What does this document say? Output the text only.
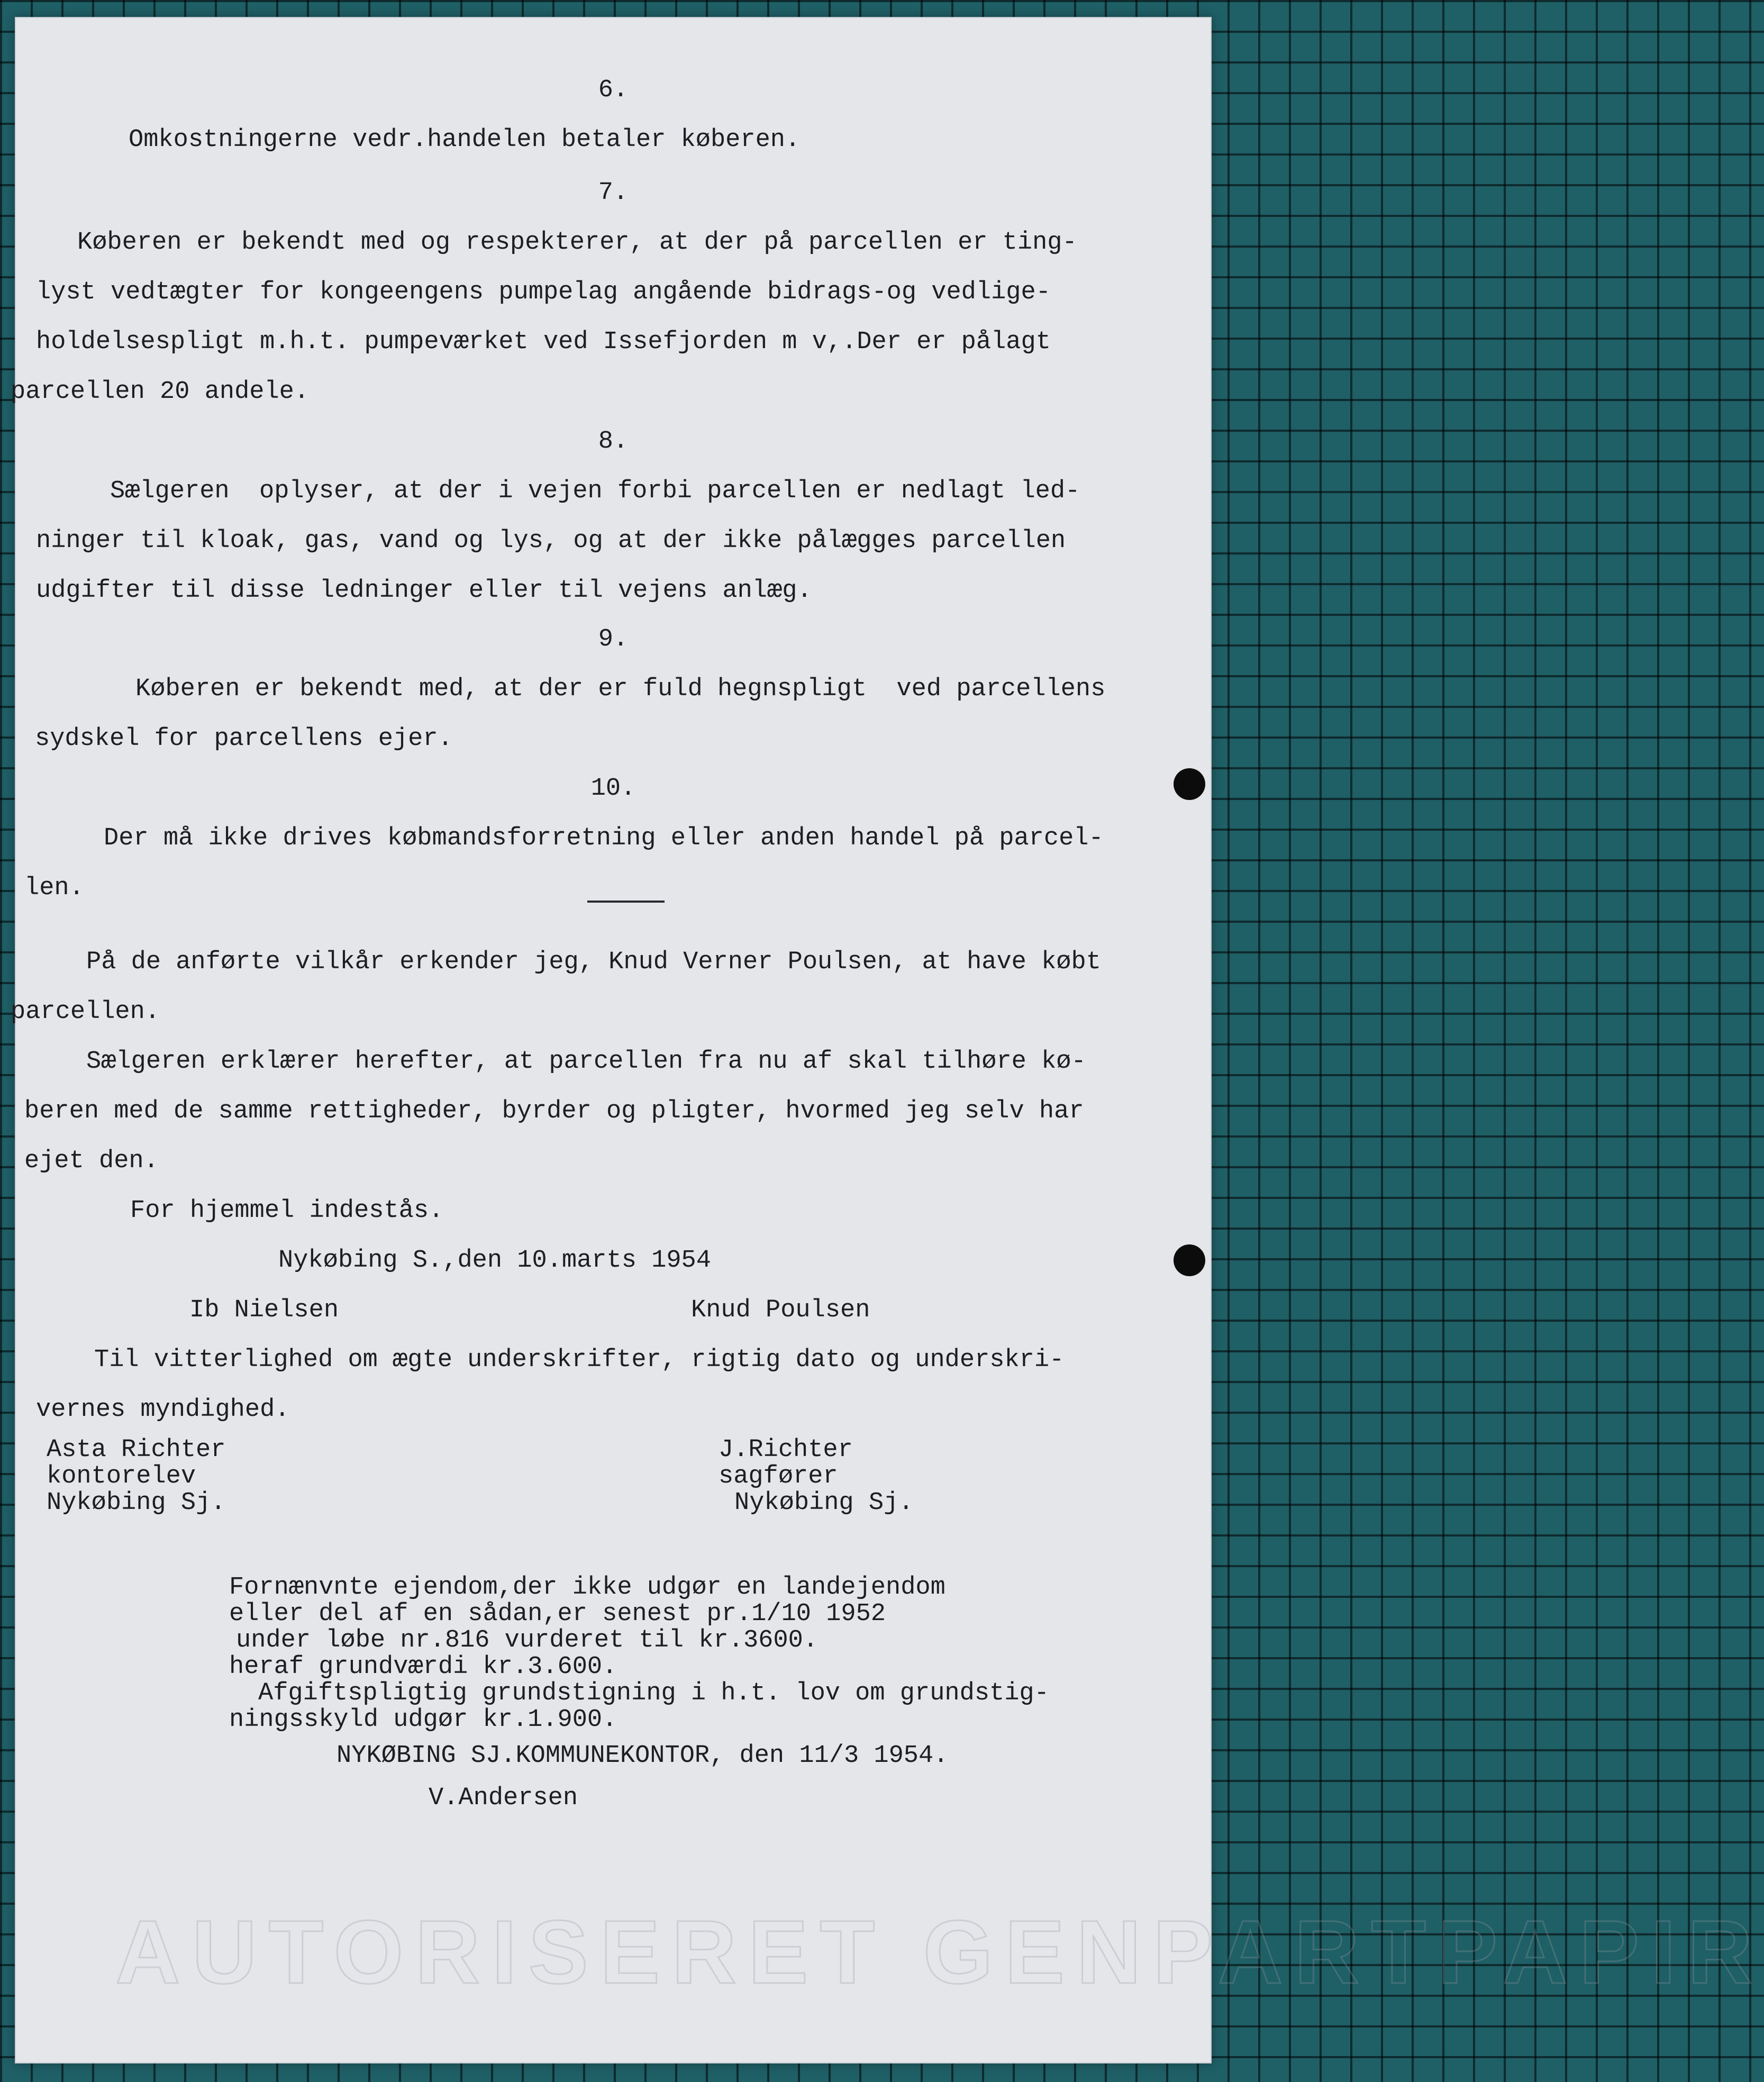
AUTORISERET GENPARTPAPIR
6.
Omkostningerne vedr.handelen betaler køberen.
7.
Køberen er bekendt med og respekterer, at der på parcellen er ting-
lyst vedtægter for kongeengens pumpelag angående bidrags-og vedlige-
holdelsespligt m.h.t. pumpeværket ved Issefjorden m v,.Der er pålagt
parcellen 20 andele.
8.
Sælgeren  oplyser, at der i vejen forbi parcellen er nedlagt led-
ninger til kloak, gas, vand og lys, og at der ikke pålægges parcellen
udgifter til disse ledninger eller til vejens anlæg.
9.
Køberen er bekendt med, at der er fuld hegnspligt  ved parcellens
sydskel for parcellens ejer.
10.
Der må ikke drives købmandsforretning eller anden handel på parcel-
len.
På de anførte vilkår erkender jeg, Knud Verner Poulsen, at have købt
parcellen.
Sælgeren erklærer herefter, at parcellen fra nu af skal tilhøre kø-
beren med de samme rettigheder, byrder og pligter, hvormed jeg selv har
ejet den.
For hjemmel indestås.
Nykøbing S.,den 10.marts 1954
Ib Nielsen	Knud Poulsen
Til vitterlighed om ægte underskrifter, rigtig dato og underskri-
vernes myndighed.
Asta Richter
kontorelev
Nykøbing Sj.
J.Richter
sagfører
Nykøbing Sj.
Fornænvnte ejendom,der ikke udgør en landejendom
eller del af en sådan,er senest pr.1/10 1952
under løbe nr.816 vurderet til kr.3600.
heraf grundværdi kr.3.600.
Afgiftspligtig grundstigning i h.t. lov om grundstig-
ningsskyld udgør kr.1.900.
NYKØBING SJ.KOMMUNEKONTOR, den 11/3 1954.
V.Andersen
